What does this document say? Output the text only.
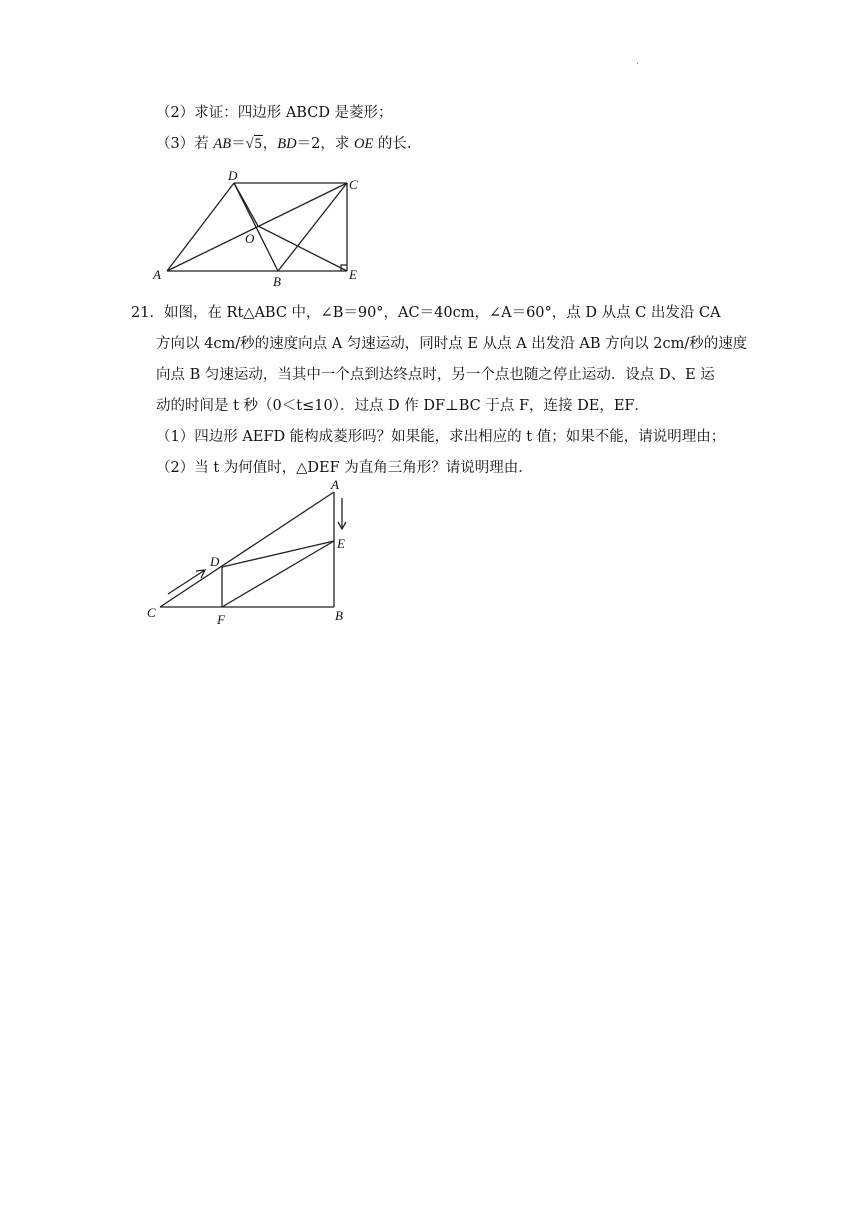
.
（2）求证：四边形 ABCD 是菱形；
（3）若 AB＝√5，BD＝2，求 OE 的长.
A	B
C
D
E
O
21．如图，在 Rt△ABC 中，∠B＝90°，AC＝40cm，∠A＝60°，点 D 从点 C 出发沿 CA
方向以 4cm/秒的速度向点 A 匀速运动，同时点 E 从点 A 出发沿 AB 方向以 2cm/秒的速度
向点 B 匀速运动，当其中一个点到达终点时，另一个点也随之停止运动．设点 D、E 运
动的时间是 t 秒（0＜t≤10）．过点 D 作 DF⊥BC 于点 F，连接 DE，EF．
（1）四边形 AEFD 能构成菱形吗？如果能，求出相应的 t 值；如果不能，请说明理由；
（2）当 t 为何值时，△DEF 为直角三角形？请说明理由．
A
B
C
D
E
F
